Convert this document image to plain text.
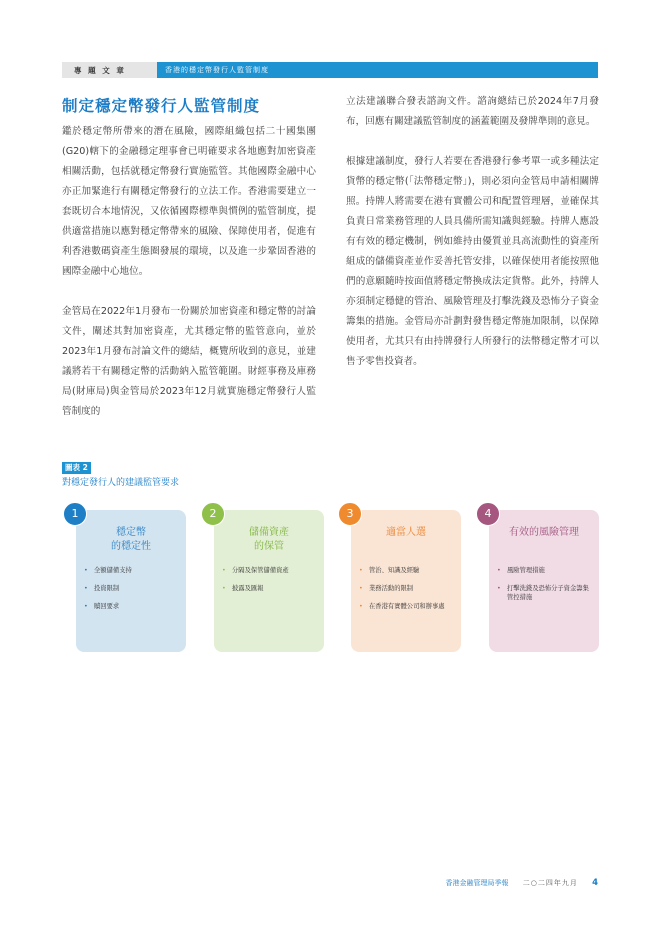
專 題 文 章	香港的穩定幣發行人監管制度
制定穩定幣發行人監管制度

鑑於穩定幣所帶來的潛在風險，國際組織包括二十國集團(G20)轄下的金融穩定理事會已明確要求各地應對加密資產相關活動，包括就穩定幣發行實施監管。其他國際金融中心亦正加緊進行有關穩定幣發行的立法工作。香港需要建立一套既切合本地情況，又依循國際標準與慣例的監管制度，提供適當措施以應對穩定幣帶來的風險、保障使用者，促進有利香港數碼資產生態圈發展的環境，以及進一步鞏固香港的國際金融中心地位。

金管局在2022年1月發布一份關於加密資產和穩定幣的討論文件，闡述其對加密資產，尤其穩定幣的監管意向，並於2023年1月發布討論文件的總結，概覽所收到的意見，並建議將若干有關穩定幣的活動納入監管範圍。財經事務及庫務局(財庫局)與金管局於2023年12月就實施穩定幣發行人監管制度的

立法建議聯合發表諮詢文件。諮詢總結已於2024年7月發布，回應有關建議監管制度的涵蓋範圍及發牌準則的意見。

根據建議制度，發行人若要在香港發行參考單一或多種法定貨幣的穩定幣(「法幣穩定幣」)，則必須向金管局申請相關牌照。持牌人將需要在港有實體公司和配置管理層，並確保其負責日常業務管理的人員具備所需知識與經驗。持牌人應設有有效的穩定機制，例如維持由優質並具高流動性的資產所組成的儲備資產並作妥善托管安排，以確保使用者能按照他們的意願隨時按面值將穩定幣換成法定貨幣。此外，持牌人亦須制定穩健的管治、風險管理及打擊洗錢及恐怖分子資金籌集的措施。金管局亦計劃對發售穩定幣施加限制，以保障使用者，尤其只有由持牌發行人所發行的法幣穩定幣才可以售予零售投資者。

圖表 2
對穩定發行人的建議監管要求
穩定幣
的穩定性
• 全額儲備支持
• 投資限制
• 贖回要求
1
儲備資產
的保管
• 分隔及保管儲備資產
• 披露及匯報
2
適當人選
• 管治、知識及經驗
• 業務活動的限制
• 在香港有實體公司和辦事處
3
有效的風險管理
• 風險管理措施
• 打擊洗錢及恐怖分子資金籌集管控措施
4
香港金融管理局季報 二○二四年九月 4
